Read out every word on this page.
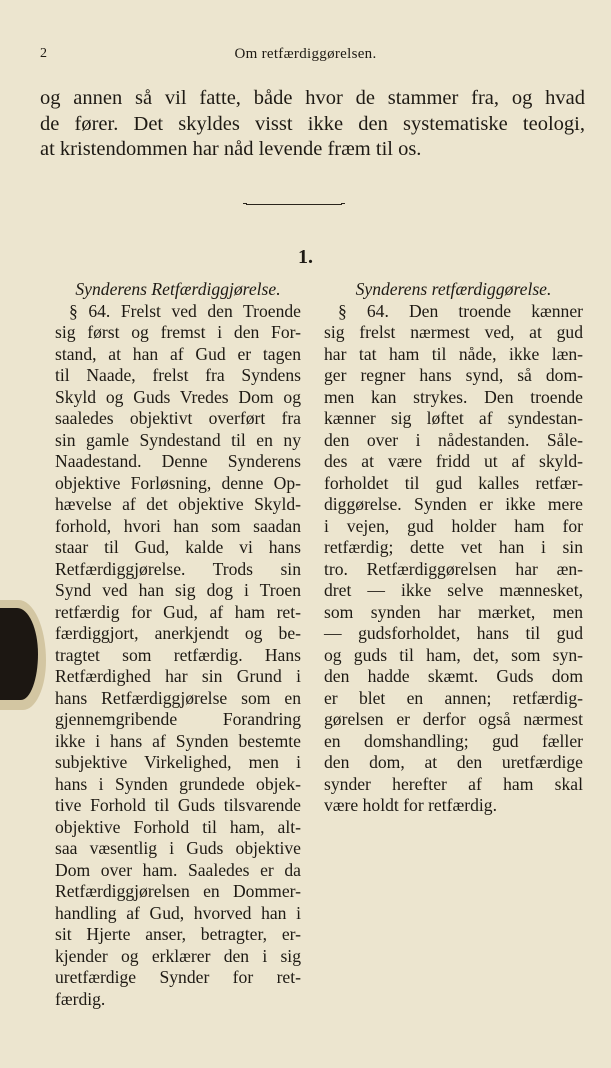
2	Om retfærdiggørelsen.
og annen så vil fatte, både hvor de stammer fra, og hvad
de fører. Det skyldes visst ikke den systematiske teologi,
at kristendommen har nåd levende fræm til os.
1.
Synderens Retfærdiggjørelse.
§ 64. Frelst ved den Troende
sig først og fremst i den For-
stand, at han af Gud er tagen
til Naade, frelst fra Syndens
Skyld og Guds Vredes Dom og
saaledes objektivt overført fra
sin gamle Syndestand til en ny
Naadestand. Denne Synderens
objektive Forløsning, denne Op-
hævelse af det objektive Skyld-
forhold, hvori han som saadan
staar til Gud, kalde vi hans
Retfærdiggjørelse. Trods sin
Synd ved han sig dog i Troen
retfærdig for Gud, af ham ret-
færdiggjort, anerkjendt og be-
tragtet som retfærdig. Hans
Retfærdighed har sin Grund i
hans Retfærdiggjørelse som en
gjennemgribende Forandring
ikke i hans af Synden bestemte
subjektive Virkelighed, men i
hans i Synden grundede objek-
tive Forhold til Guds tilsvarende
objektive Forhold til ham, alt-
saa væsentlig i Guds objektive
Dom over ham. Saaledes er da
Retfærdiggjørelsen en Dommer-
handling af Gud, hvorved han i
sit Hjerte anser, betragter, er-
kjender og erklærer den i sig
uretfærdige Synder for ret-
færdig.
Synderens retfærdiggørelse.
§ 64. Den troende kænner
sig frelst nærmest ved, at gud
har tat ham til nåde, ikke læn-
ger regner hans synd, så dom-
men kan strykes. Den troende
kænner sig løftet af syndestan-
den over i nådestanden. Såle-
des at være fridd ut af skyld-
forholdet til gud kalles retfær-
diggørelse. Synden er ikke mere
i vejen, gud holder ham for
retfærdig; dette vet han i sin
tro. Retfærdiggørelsen har æn-
dret — ikke selve mænnesket,
som synden har mærket, men
— gudsforholdet, hans til gud
og guds til ham, det, som syn-
den hadde skæmt. Guds dom
er blet en annen; retfærdig-
gørelsen er derfor også nærmest
en domshandling; gud fæller
den dom, at den uretfærdige
synder herefter af ham skal
være holdt for retfærdig.
